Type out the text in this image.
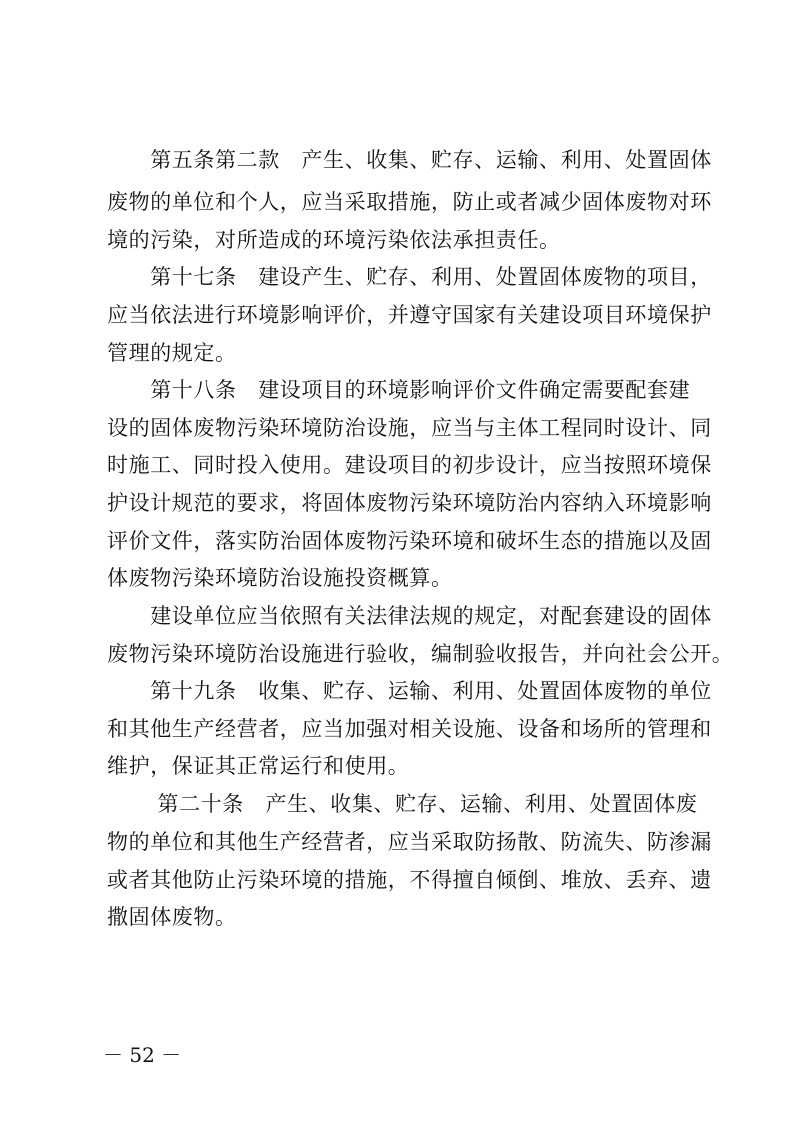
　　第五条第二款　产生、收集、贮存、运输、利用、处置固体
废物的单位和个人，应当采取措施，防止或者减少固体废物对环
境的污染，对所造成的环境污染依法承担责任。
　　第十七条　建设产生、贮存、利用、处置固体废物的项目，
应当依法进行环境影响评价，并遵守国家有关建设项目环境保护
管理的规定。
　　第十八条　建设项目的环境影响评价文件确定需要配套建
设的固体废物污染环境防治设施，应当与主体工程同时设计、同
时施工、同时投入使用。建设项目的初步设计，应当按照环境保
护设计规范的要求，将固体废物污染环境防治内容纳入环境影响
评价文件，落实防治固体废物污染环境和破坏生态的措施以及固
体废物污染环境防治设施投资概算。
　　建设单位应当依照有关法律法规的规定，对配套建设的固体
废物污染环境防治设施进行验收，编制验收报告，并向社会公开。
　　第十九条　收集、贮存、运输、利用、处置固体废物的单位
和其他生产经营者，应当加强对相关设施、设备和场所的管理和
维护，保证其正常运行和使用。
　　 第二十条　产生、收集、贮存、运输、利用、处置固体废
物的单位和其他生产经营者，应当采取防扬散、防流失、防渗漏
或者其他防止污染环境的措施，不得擅自倾倒、堆放、丢弃、遗
撒固体废物。
－ 52 －
